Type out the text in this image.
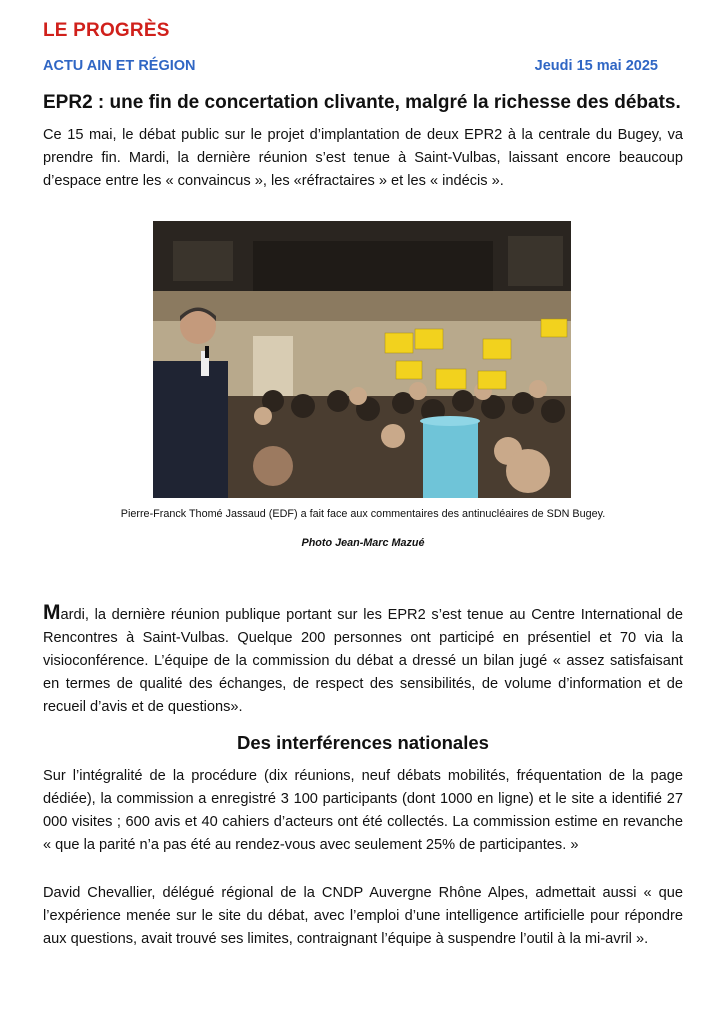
LE PROGRÈS
ACTU AIN ET RÉGION	Jeudi 15 mai 2025
EPR2 : une fin de concertation clivante, malgré la richesse des débats.

Ce 15 mai, le débat public sur le projet d’implantation de deux EPR2 à la centrale du Bugey, va prendre fin. Mardi, la dernière réunion s’est tenue à Saint-Vulbas, laissant encore beaucoup d’espace entre les « convaincus », les «réfractaires » et les « indécis ».

Pierre-Franck Thomé Jassaud (EDF) a fait face aux commentaires des antinucléaires de SDN Bugey.

Photo Jean-Marc Mazué

Mardi, la dernière réunion publique portant sur les EPR2 s’est tenue au Centre International de Rencontres à Saint-Vulbas. Quelque 200 personnes ont participé en présentiel et 70 via la visioconférence. L’équipe de la commission du débat a dressé un bilan jugé « assez satisfaisant en termes de qualité des échanges, de respect des sensibilités, de volume d’information et de recueil d’avis et de questions».

Des interférences nationales

Sur l’intégralité de la procédure (dix réunions, neuf débats mobilités, fréquentation de la page dédiée), la commission a enregistré 3 100 participants (dont 1000 en ligne) et le site a identifié 27 000 visites ; 600 avis et 40 cahiers d’acteurs ont été collectés. La commission estime en revanche « que la parité n’a pas été au rendez-vous avec seulement 25% de participantes. »

David Chevallier, délégué régional de la CNDP Auvergne Rhône Alpes, admettait aussi « que l’expérience menée sur le site du débat, avec l’emploi d’une intelligence artificielle pour répondre aux questions, avait trouvé ses limites, contraignant l’équipe à suspendre l’outil à la mi-avril ».
